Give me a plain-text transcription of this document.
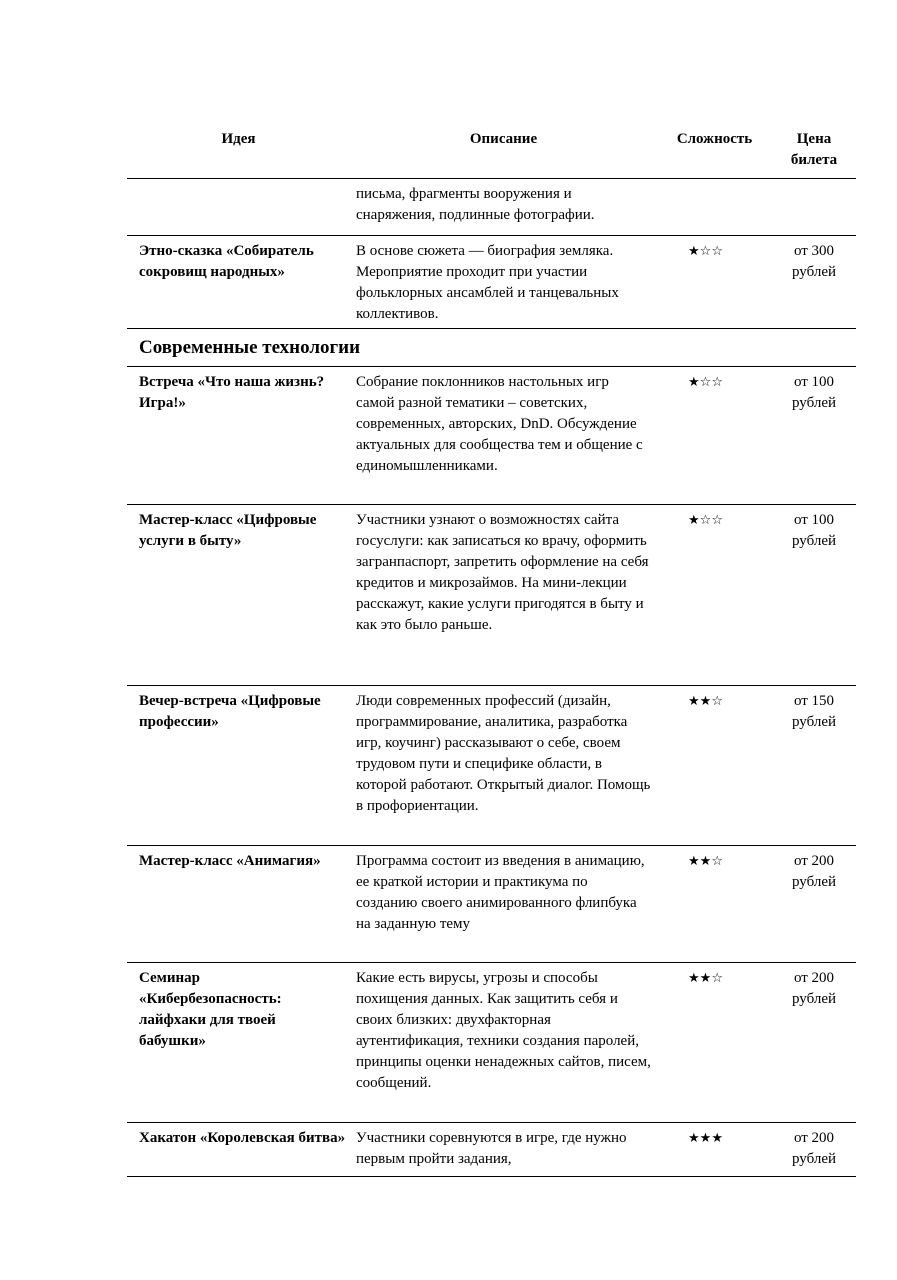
Идея	Описание	Сложность	Цена
билета
	письма, фрагменты вооружения и снаряжения, подлинные фотографии.		
Этно-сказка «Собиратель сокровищ народных»	В основе сюжета — биография земляка. Мероприятие проходит при участии фольклорных ансамблей и танцевальных коллективов.	★☆☆	от 300 рублей
Современные технологии			
Встреча «Что наша жизнь? Игра!»	Собрание поклонников настольных игр самой разной тематики – советских, современных, авторских, DnD. Обсуждение актуальных для сообщества тем и общение с единомышленниками.	★☆☆	от 100 рублей
Мастер-класс «Цифровые услуги в быту»	Участники узнают о возможностях сайта госуслуги: как записаться ко врачу, оформить загранпаспорт, запретить оформление на себя кредитов и микрозаймов. На мини-лекции расскажут, какие услуги пригодятся в быту и как это было раньше.	★☆☆	от 100 рублей
Вечер-встреча «Цифровые профессии»	Люди современных профессий (дизайн, программирование, аналитика, разработка игр, коучинг) рассказывают о себе, своем трудовом пути и специфике области, в которой работают. Открытый диалог. Помощь в профориентации.	★★☆	от 150 рублей
Мастер-класс «Анимагия»	Программа состоит из введения в анимацию, ее краткой истории и практикума по созданию своего анимированного флипбука на заданную тему	★★☆	от 200 рублей
Семинар «Кибербезопасность: лайфхаки для твоей бабушки»	Какие есть вирусы, угрозы и способы похищения данных. Как защитить себя и своих близких: двухфакторная аутентификация, техники создания паролей, принципы оценки ненадежных сайтов, писем, сообщений.	★★☆	от 200 рублей
Хакатон «Королевская битва»	Участники соревнуются в игре, где нужно первым пройти задания,	★★★	от 200 рублей
